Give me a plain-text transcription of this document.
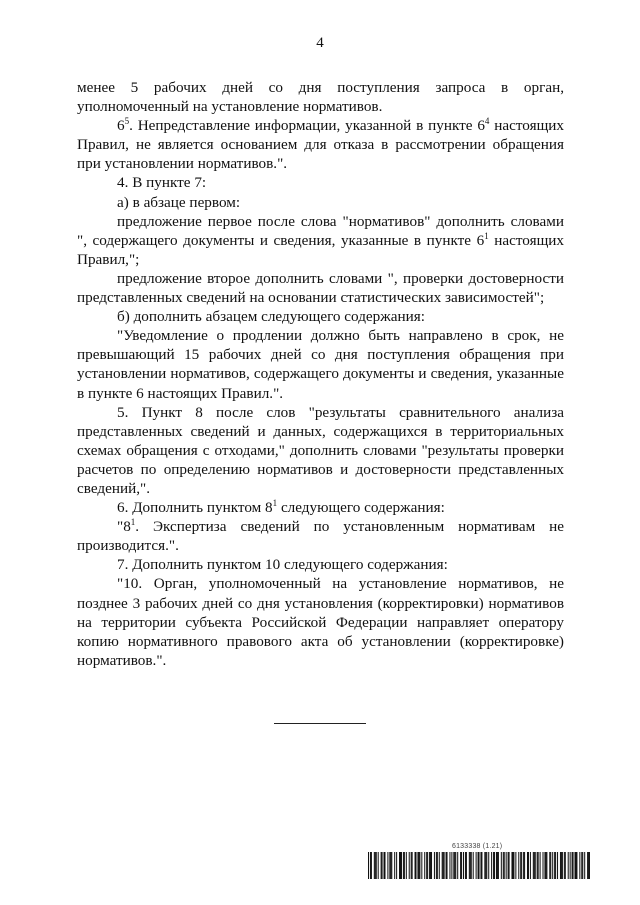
4

менее 5 рабочих дней со дня поступления запроса в орган, уполномоченный на установление нормативов.

$6^5$. Непредставление информации, указанной в пункте $6^4$ настоящих Правил, не является основанием для отказа в рассмотрении обращения при установлении нормативов.".

4. В пункте 7:

а) в абзаце первом:

предложение первое после слова "нормативов" дополнить словами ", содержащего документы и сведения, указанные в пункте $6^1$ настоящих Правил,";

предложение второе дополнить словами ", проверки достоверности представленных сведений на основании статистических зависимостей";

б) дополнить абзацем следующего содержания:

"Уведомление о продлении должно быть направлено в срок, не превышающий 15 рабочих дней со дня поступления обращения при установлении нормативов, содержащего документы и сведения, указанные в пункте 6 настоящих Правил.".

5. Пункт 8 после слов "результаты сравнительного анализа представленных сведений и данных, содержащихся в территориальных схемах обращения с отходами," дополнить словами "результаты проверки расчетов по определению нормативов и достоверности представленных сведений,".

6. Дополнить пунктом $8^1$ следующего содержания:

"$8^1$. Экспертиза сведений по установленным нормативам не производится.".

7. Дополнить пунктом 10 следующего содержания:

"10. Орган, уполномоченный на установление нормативов, не позднее 3 рабочих дней со дня установления (корректировки) нормативов на территории субъекта Российской Федерации направляет оператору копию нормативного правового акта об установлении (корректировке) нормативов.".

6133338 (1.21)
